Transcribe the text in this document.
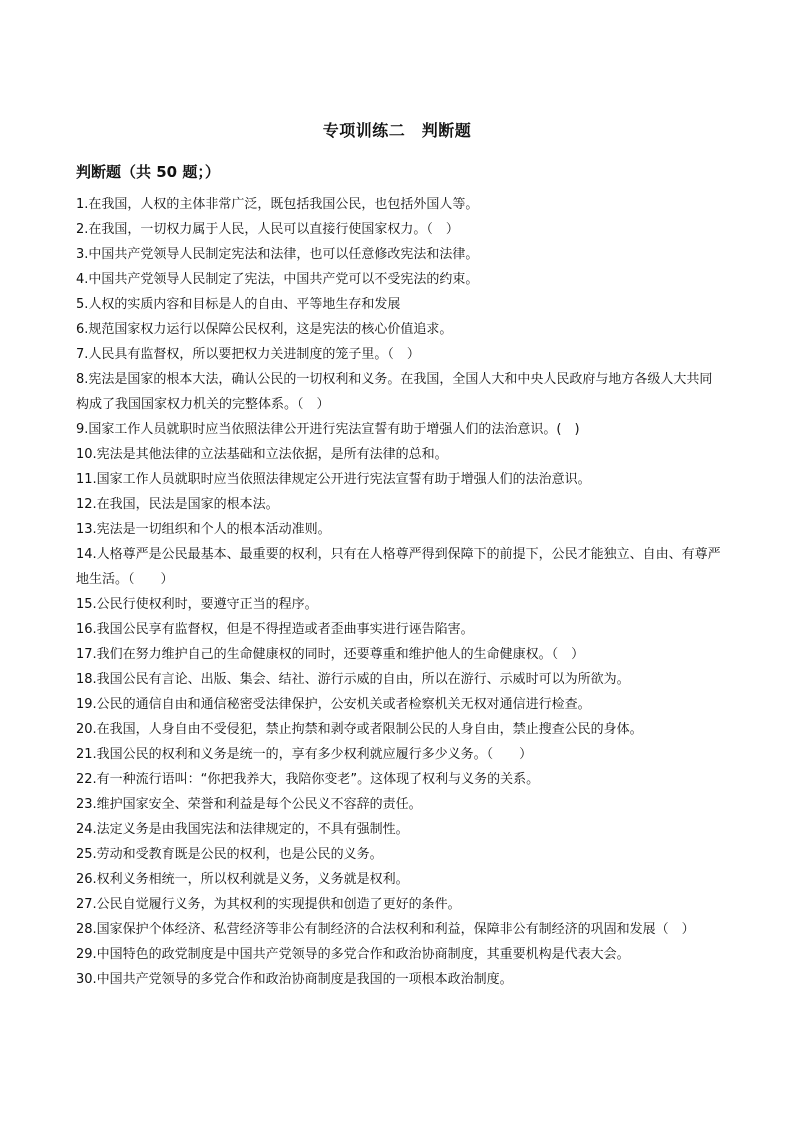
专项训练二　判断题
判断题（共 50 题；）
1.在我国，人权的主体非常广泛，既包括我国公民，也包括外国人等。
2.在我国，一切权力属于人民，人民可以直接行使国家权力。（　）
3.中国共产党领导人民制定宪法和法律，也可以任意修改宪法和法律。
4.中国共产党领导人民制定了宪法，中国共产党可以不受宪法的约束。
5.人权的实质内容和目标是人的自由、平等地生存和发展
6.规范国家权力运行以保障公民权利，这是宪法的核心价值追求。
7.人民具有监督权，所以要把权力关进制度的笼子里。（　）
8.宪法是国家的根本大法，确认公民的一切权利和义务。在我国，全国人大和中央人民政府与地方各级人大共同构成了我国国家权力机关的完整体系。（　）
9.国家工作人员就职时应当依照法律公开进行宪法宣誓有助于增强人们的法治意识。(　)
10.宪法是其他法律的立法基础和立法依据，是所有法律的总和。
11.国家工作人员就职时应当依照法律规定公开进行宪法宣誓有助于增强人们的法治意识。
12.在我国，民法是国家的根本法。
13.宪法是一切组织和个人的根本活动准则。
14.人格尊严是公民最基本、最重要的权利，只有在人格尊严得到保障下的前提下，公民才能独立、自由、有尊严地生活。（　　）
15.公民行使权利时，要遵守正当的程序。
16.我国公民享有监督权，但是不得捏造或者歪曲事实进行诬告陷害。
17.我们在努力维护自己的生命健康权的同时，还要尊重和维护他人的生命健康权。（　）
18.我国公民有言论、出版、集会、结社、游行示威的自由，所以在游行、示威时可以为所欲为。
19.公民的通信自由和通信秘密受法律保护，公安机关或者检察机关无权对通信进行检查。
20.在我国，人身自由不受侵犯，禁止拘禁和剥夺或者限制公民的人身自由，禁止搜查公民的身体。
21.我国公民的权利和义务是统一的，享有多少权利就应履行多少义务。（　　）
22.有一种流行语叫：“你把我养大，我陪你变老”。这体现了权利与义务的关系。
23.维护国家安全、荣誉和利益是每个公民义不容辞的责任。
24.法定义务是由我国宪法和法律规定的，不具有强制性。
25.劳动和受教育既是公民的权利，也是公民的义务。
26.权利义务相统一，所以权利就是义务，义务就是权利。
27.公民自觉履行义务，为其权利的实现提供和创造了更好的条件。
28.国家保护个体经济、私营经济等非公有制经济的合法权利和利益，保障非公有制经济的巩固和发展（　）
29.中国特色的政党制度是中国共产党领导的多党合作和政治协商制度，其重要机构是代表大会。
30.中国共产党领导的多党合作和政治协商制度是我国的一项根本政治制度。
